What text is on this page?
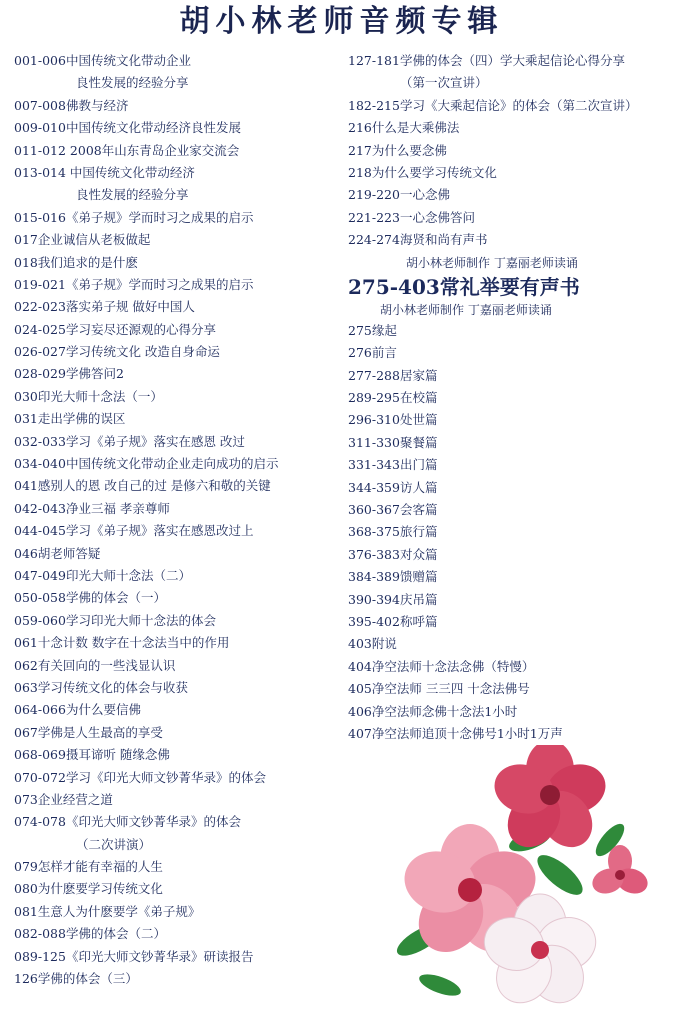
胡小林老师音频专辑
001-006中国传统文化带动企业
良性发展的经验分享
007-008佛教与经济
009-010中国传统文化带动经济良性发展
011-012 2008年山东青岛企业家交流会
013-014 中国传统文化带动经济
良性发展的经验分享
015-016《弟子规》学而时习之成果的启示
017企业诚信从老板做起
018我们追求的是什麽
019-021《弟子规》学而时习之成果的启示
022-023落实弟子规 做好中国人
024-025学习妄尽还源观的心得分享
026-027学习传统文化 改造自身命运
028-029学佛答问2
030印光大师十念法（一）
031走出学佛的误区
032-033学习《弟子规》落实在感恩 改过
034-040中国传统文化带动企业走向成功的启示
041感别人的恩 改自己的过 是修六和敬的关键
042-043净业三福 孝亲尊师
044-045学习《弟子规》落实在感恩改过上
046胡老师答疑
047-049印光大师十念法（二）
050-058学佛的体会（一）
059-060学习印光大师十念法的体会
061十念计数 数字在十念法当中的作用
062有关回向的一些浅显认识
063学习传统文化的体会与收获
064-066为什么要信佛
067学佛是人生最高的享受
068-069摄耳谛听 随缘念佛
070-072学习《印光大师文钞菁华录》的体会
073企业经营之道
074-078《印光大师文钞菁华录》的体会
（二次讲演）
079怎样才能有幸福的人生
080为什麽要学习传统文化
081生意人为什麽要学《弟子规》
082-088学佛的体会（二）
089-125《印光大师文钞菁华录》研读报告
126学佛的体会（三）
127-181学佛的体会（四）学大乘起信论心得分享
（第一次宣讲）
182-215学习《大乘起信论》的体会（第二次宣讲）
216什么是大乘佛法
217为什么要念佛
218为什么要学习传统文化
219-220一心念佛
221-223一心念佛答问
224-274海贤和尚有声书
胡小林老师制作 丁嘉丽老师读诵
275-403常礼举要有声书
胡小林老师制作 丁嘉丽老师读诵
275缘起
276前言
277-288居家篇
289-295在校篇
296-310处世篇
311-330聚餐篇
331-343出门篇
344-359访人篇
360-367会客篇
368-375旅行篇
376-383对众篇
384-389馈赠篇
390-394庆吊篇
395-402称呼篇
403附说
404净空法师十念法念佛（特慢）
405净空法师 三三四 十念法佛号
406净空法师念佛十念法1小时
407净空法师追顶十念佛号1小时1万声
